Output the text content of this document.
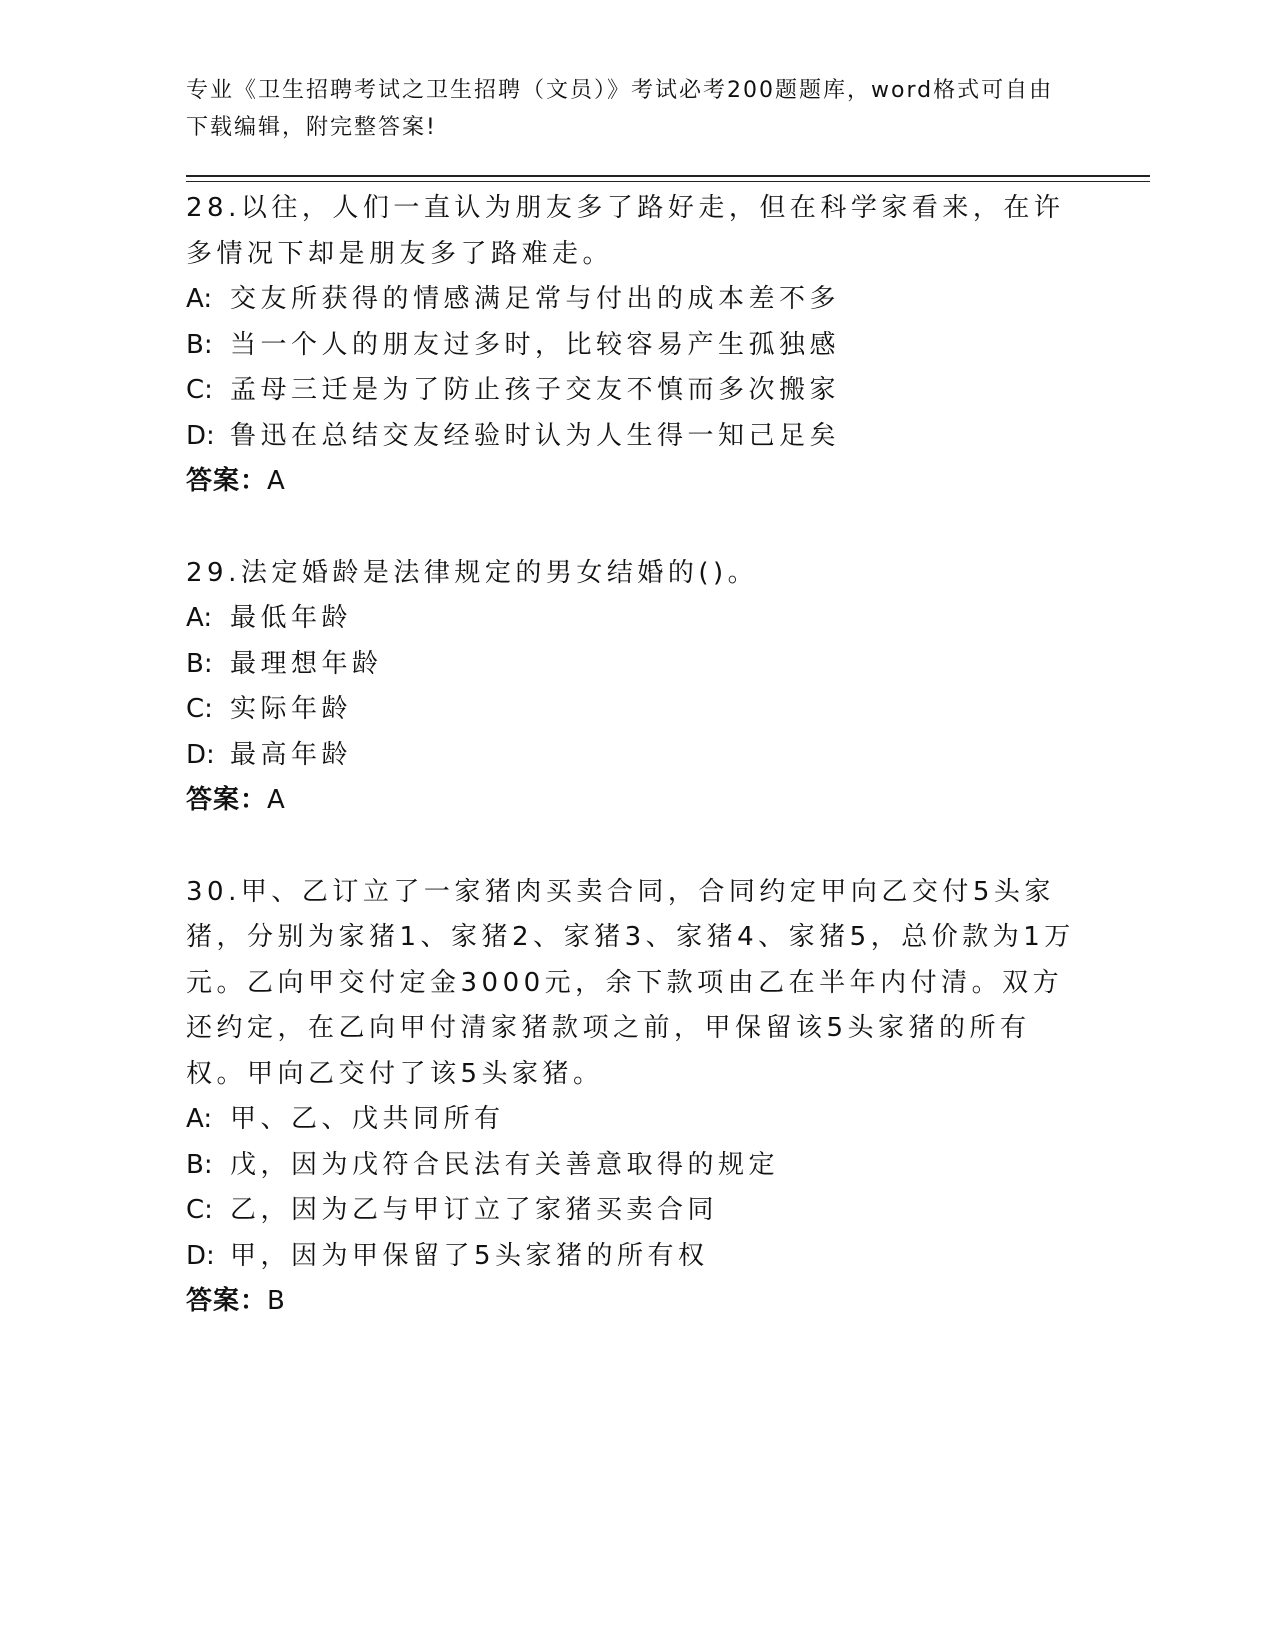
专业《卫生招聘考试之卫生招聘（文员）》考试必考200题题库，word格式可自由下载编辑，附完整答案!

28.以往，人们一直认为朋友多了路好走，但在科学家看来，在许多情况下却是朋友多了路难走。

A: 交友所获得的情感满足常与付出的成本差不多

B: 当一个人的朋友过多时，比较容易产生孤独感

C: 孟母三迁是为了防止孩子交友不慎而多次搬家

D: 鲁迅在总结交友经验时认为人生得一知己足矣

答案：A

29.法定婚龄是法律规定的男女结婚的()。

A: 最低年龄

B: 最理想年龄

C: 实际年龄

D: 最高年龄

答案：A

30.甲、乙订立了一家猪肉买卖合同，合同约定甲向乙交付5头家猪，分别为家猪1、家猪2、家猪3、家猪4、家猪5，总价款为1万元。乙向甲交付定金3000元，余下款项由乙在半年内付清。双方还约定，在乙向甲付清家猪款项之前，甲保留该5头家猪的所有权。甲向乙交付了该5头家猪。

A: 甲、乙、戊共同所有

B: 戊，因为戊符合民法有关善意取得的规定

C: 乙，因为乙与甲订立了家猪买卖合同

D: 甲，因为甲保留了5头家猪的所有权

答案：B
